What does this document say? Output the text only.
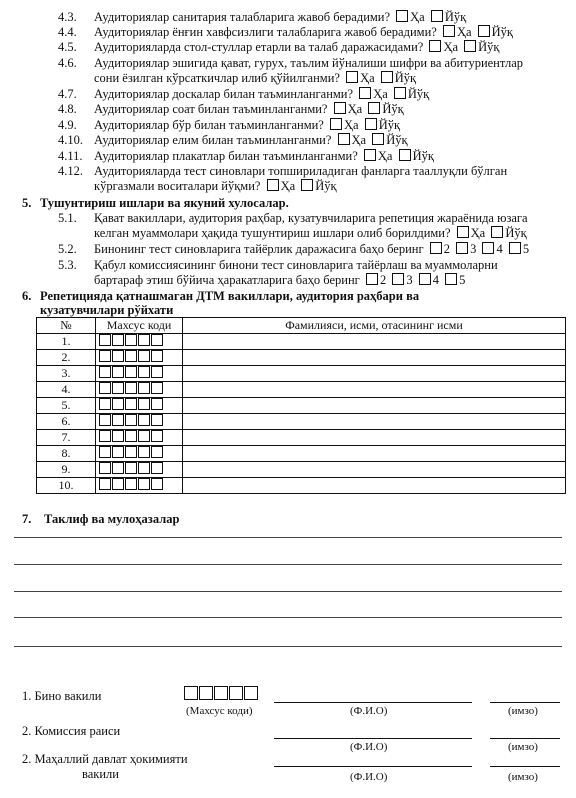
4.3. Аудиториялар санитария талабларига жавоб берадими? Ҳа Йўқ
4.4. Аудиториялар ёнғин хавфсизлиги талабларига жавоб берадими? Ҳа Йўқ
4.5. Аудиторияларда стол-стуллар етарли ва талаб даражасидами? Ҳа Йўқ
4.6. Аудиториялар эшигида қават, гурух, таълим йўналиши шифри ва абитуриентлар
сони ёзилган кўрсаткичлар илиб қўйилганми? Ҳа Йўқ
4.7. Аудиториялар доскалар билан таъминланганми? Ҳа Йўқ
4.8. Аудиториялар соат билан таъминланганми? Ҳа Йўқ
4.9. Аудиториялар бўр билан таъминланганми? Ҳа Йўқ
4.10. Аудиториялар елим билан таъминланганми? Ҳа Йўқ
4.11. Аудиториялар плакатлар билан таъминланганми? Ҳа Йўқ
4.12. Аудиторияларда тест синовлари топшириладиган фанларга тааллуқли бўлган
кўргазмали воситалари йўқми? Ҳа Йўқ
5. Тушунтириш ишлари ва якуний хулосалар.
5.1. Қават вакиллари, аудитория раҳбар, кузатувчиларига репетиция жараёнида юзага
келган муаммолари ҳақида тушунтириш ишлари олиб борилдими? Ҳа Йўқ
5.2. Бинонинг тест синовларига тайёрлик даражасига баҳо беринг 2 3 4 5
5.3. Қабул комиссиясининг бинони тест синовларига тайёрлаш ва муаммоларни
бартараф этиш бўйича ҳаракатларига баҳо беринг 2 3 4 5
6. Репетицияда қатнашмаган ДТМ вакиллари, аудитория раҳбари ва
кузатувчилари рўйхати
№	Махсус коди	Фамилияси, исми, отасининг исми
1.		
2.		
3.		
4.		
5.		
6.		
7.		
8.		
9.		
10.		
7. Таклиф ва мулоҳазалар
1. Бино вакили
(Махсус коди)	(Ф.И.О)	(имзо)
2. Комиссия раиси
(Ф.И.О)	(имзо)
2. Маҳаллий давлат ҳокимияти
вакили	(Ф.И.О)	(имзо)
